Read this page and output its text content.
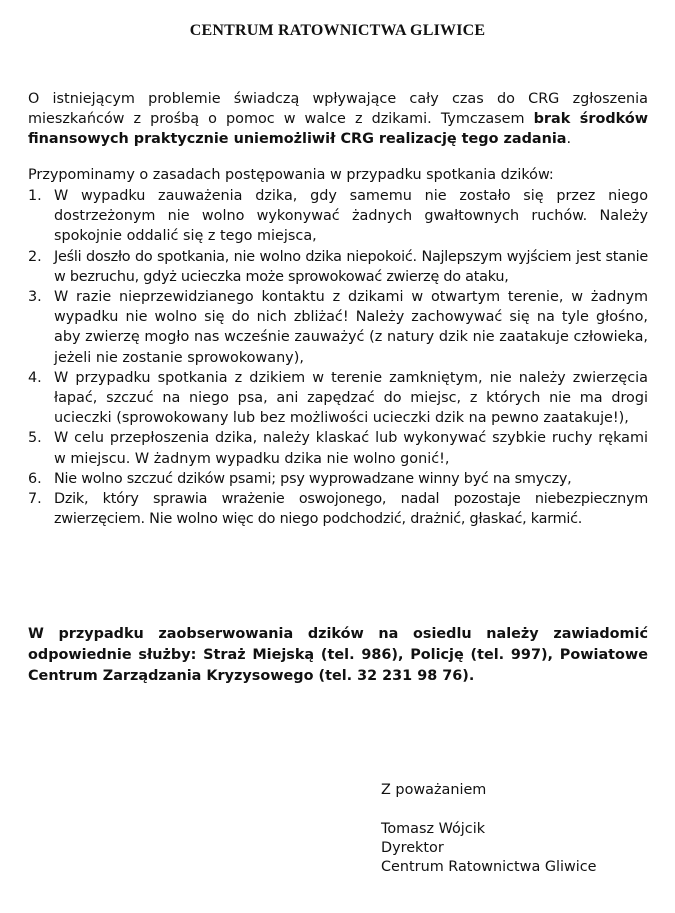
CENTRUM RATOWNICTWA GLIWICE
O istniejącym problemie świadczą wpływające cały czas do CRG zgłoszenia mieszkańców z prośbą o pomoc w walce z dzikami. Tymczasem brak środków finansowych praktycznie uniemożliwił CRG realizację tego zadania.
Przypominamy o zasadach postępowania w przypadku spotkania dzików:
1. W wypadku zauważenia dzika, gdy samemu nie zostało się przez niego dostrzeżonym nie wolno wykonywać żadnych gwałtownych ruchów. Należy spokojnie oddalić się z tego miejsca,
2. Jeśli doszło do spotkania, nie wolno dzika niepokoić. Najlepszym wyjściem jest stanie w bezruchu, gdyż ucieczka może sprowokować zwierzę do ataku,
3. W razie nieprzewidzianego kontaktu z dzikami w otwartym terenie, w żadnym wypadku nie wolno się do nich zbliżać! Należy zachowywać się na tyle głośno, aby zwierzę mogło nas wcześnie zauważyć (z natury dzik nie zaatakuje człowieka, jeżeli nie zostanie sprowokowany),
4. W przypadku spotkania z dzikiem w terenie zamkniętym, nie należy zwierzęcia łapać, szczuć na niego psa, ani zapędzać do miejsc, z których nie ma drogi ucieczki (sprowokowany lub bez możliwości ucieczki dzik na pewno zaatakuje!),
5. W celu przepłoszenia dzika, należy klaskać lub wykonywać szybkie ruchy rękami w miejscu. W żadnym wypadku dzika nie wolno gonić!,
6. Nie wolno szczuć dzików psami; psy wyprowadzane winny być na smyczy,
7. Dzik, który sprawia wrażenie oswojonego, nadal pozostaje niebezpiecznym zwierzęciem. Nie wolno więc do niego podchodzić, drażnić, głaskać, karmić.
W przypadku zaobserwowania dzików na osiedlu należy zawiadomić odpowiednie służby: Straż Miejską (tel. 986), Policję (tel. 997), Powiatowe Centrum Zarządzania Kryzysowego (tel. 32 231 98 76).
Z poważaniem
Tomasz Wójcik
Dyrektor
Centrum Ratownictwa Gliwice
